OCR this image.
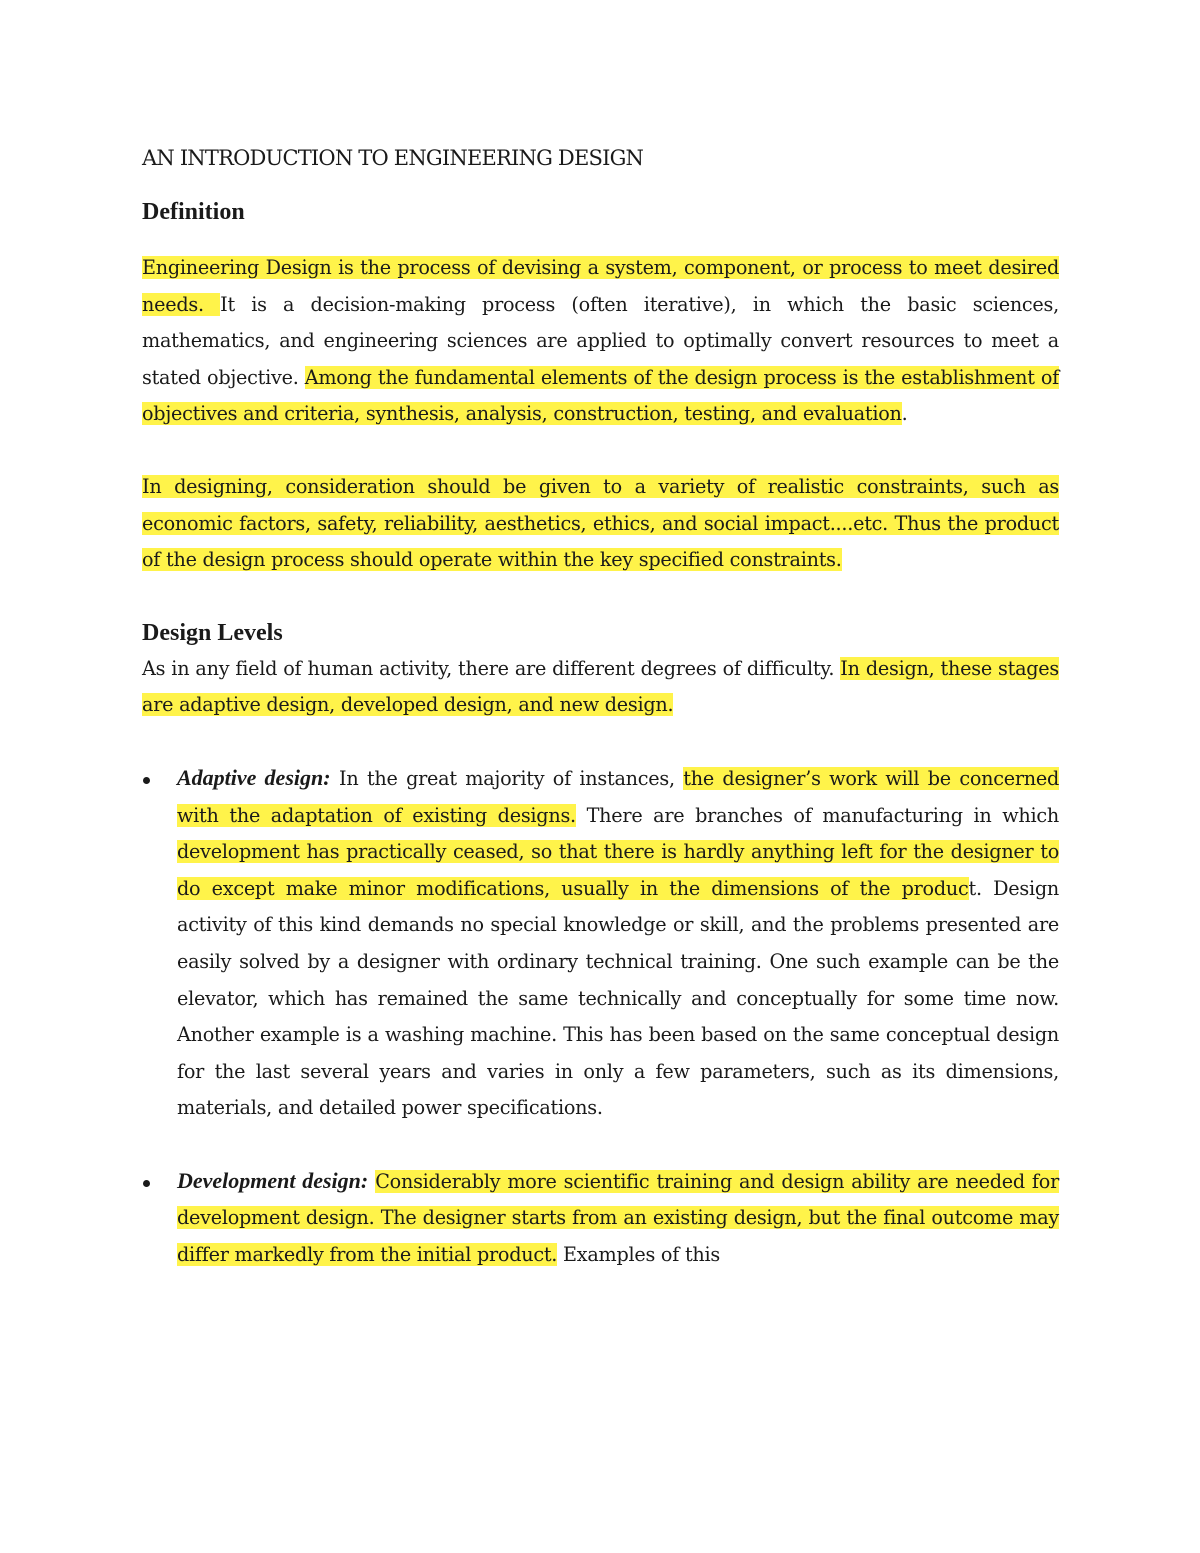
AN INTRODUCTION TO ENGINEERING DESIGN
Definition

Engineering Design is the process of devising a system, component, or process to meet desired needs. It is a decision-making process (often iterative), in which the basic sciences, mathematics, and engineering sciences are applied to optimally convert resources to meet a stated objective. Among the fundamental elements of the design process is the establishment of objectives and criteria, synthesis, analysis, construction, testing, and evaluation.

In designing, consideration should be given to a variety of realistic constraints, such as economic factors, safety, reliability, aesthetics, ethics, and social impact....etc. Thus the product of the design process should operate within the key specified constraints.

Design Levels

As in any field of human activity, there are different degrees of difficulty. In design, these stages are adaptive design, developed design, and new design.

Adaptive design: In the great majority of instances, the designer’s work will be concerned with the adaptation of existing designs. There are branches of manufacturing in which development has practically ceased, so that there is hardly anything left for the designer to do except make minor modifications, usually in the dimensions of the product. Design activity of this kind demands no special knowledge or skill, and the problems presented are easily solved by a designer with ordinary technical training. One such example can be the elevator, which has remained the same technically and conceptually for some time now. Another example is a washing machine. This has been based on the same conceptual design for the last several years and varies in only a few parameters, such as its dimensions, materials, and detailed power specifications.

Development design: Considerably more scientific training and design ability are needed for development design. The designer starts from an existing design, but the final outcome may differ markedly from the initial product. Examples of this
